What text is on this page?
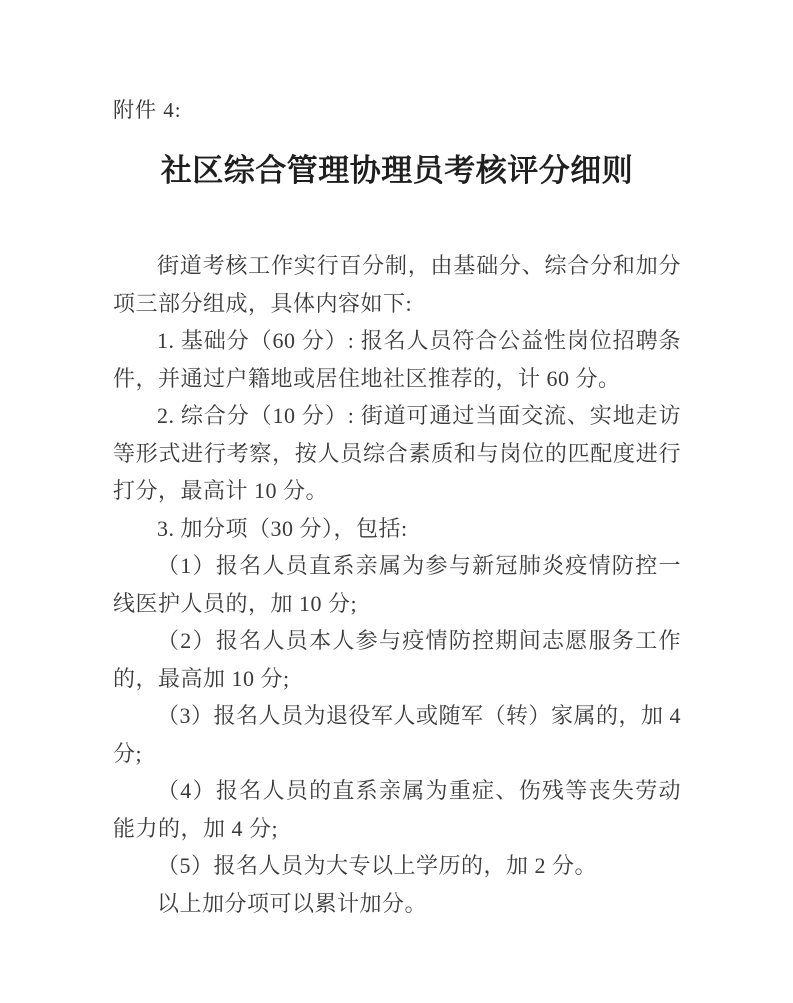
附件 4:
社区综合管理协理员考核评分细则

街道考核工作实行百分制，由基础分、综合分和加分项三部分组成，具体内容如下:

1. 基础分（60 分）: 报名人员符合公益性岗位招聘条件，并通过户籍地或居住地社区推荐的，计 60 分。

2. 综合分（10 分）: 街道可通过当面交流、实地走访等形式进行考察，按人员综合素质和与岗位的匹配度进行打分，最高计 10 分。

3. 加分项（30 分），包括:

（1）报名人员直系亲属为参与新冠肺炎疫情防控一线医护人员的，加 10 分;

（2）报名人员本人参与疫情防控期间志愿服务工作的，最高加 10 分;

（3）报名人员为退役军人或随军（转）家属的，加 4 分;

（4）报名人员的直系亲属为重症、伤残等丧失劳动能力的，加 4 分;

（5）报名人员为大专以上学历的，加 2 分。

以上加分项可以累计加分。
